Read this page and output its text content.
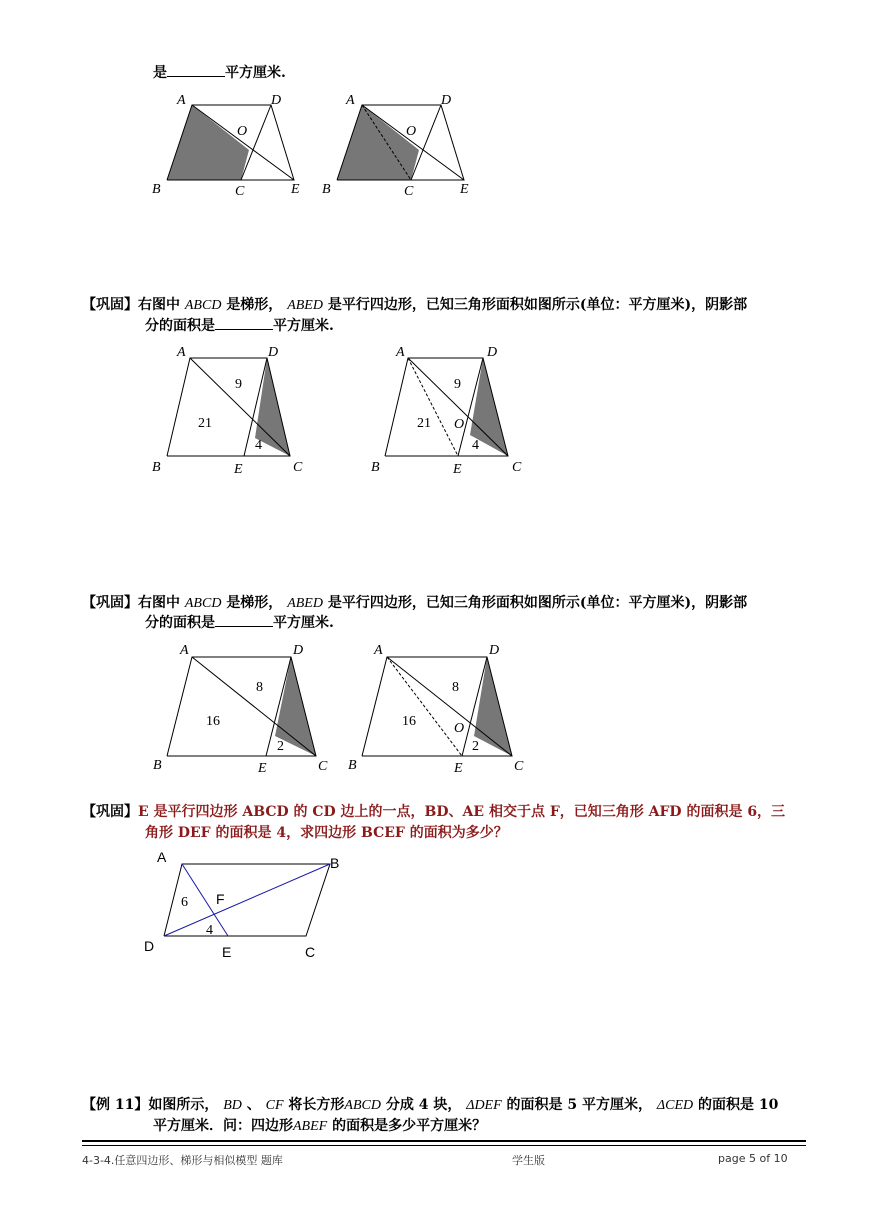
是	平方厘米.
A	D
O
B	C	E
A	D
O
B	C	E
【巩固】右图中 ABCD 是梯形， ABED 是平行四边形，已知三角形面积如图所示(单位：平方厘米)，阴影部
分的面积是	平方厘米.
A	D
B	E	C
9
21
4
A	D
B	E	C
O
9
21
4
【巩固】右图中 ABCD 是梯形， ABED 是平行四边形，已知三角形面积如图所示(单位：平方厘米)，阴影部
分的面积是	平方厘米.
A	D
B	E	C
8
16
2
A	D
B	E	C
O
8
16
2
【巩固】E 是平行四边形 ABCD 的 CD 边上的一点，BD、AE 相交于点 F，已知三角形 AFD 的面积是 6，三
角形 DEF 的面积是 4，求四边形 BCEF 的面积为多少？
A	B
D	E	C
F
6
4
【例 11】如图所示， BD 、 CF 将长方形ABCD 分成 4 块， ΔDEF 的面积是 5 平方厘米， ΔCED 的面积是 10
平方厘米．问：四边形ABEF 的面积是多少平方厘米？
4-3-4.任意四边形、梯形与相似模型 题库	学生版	page 5 of 10
